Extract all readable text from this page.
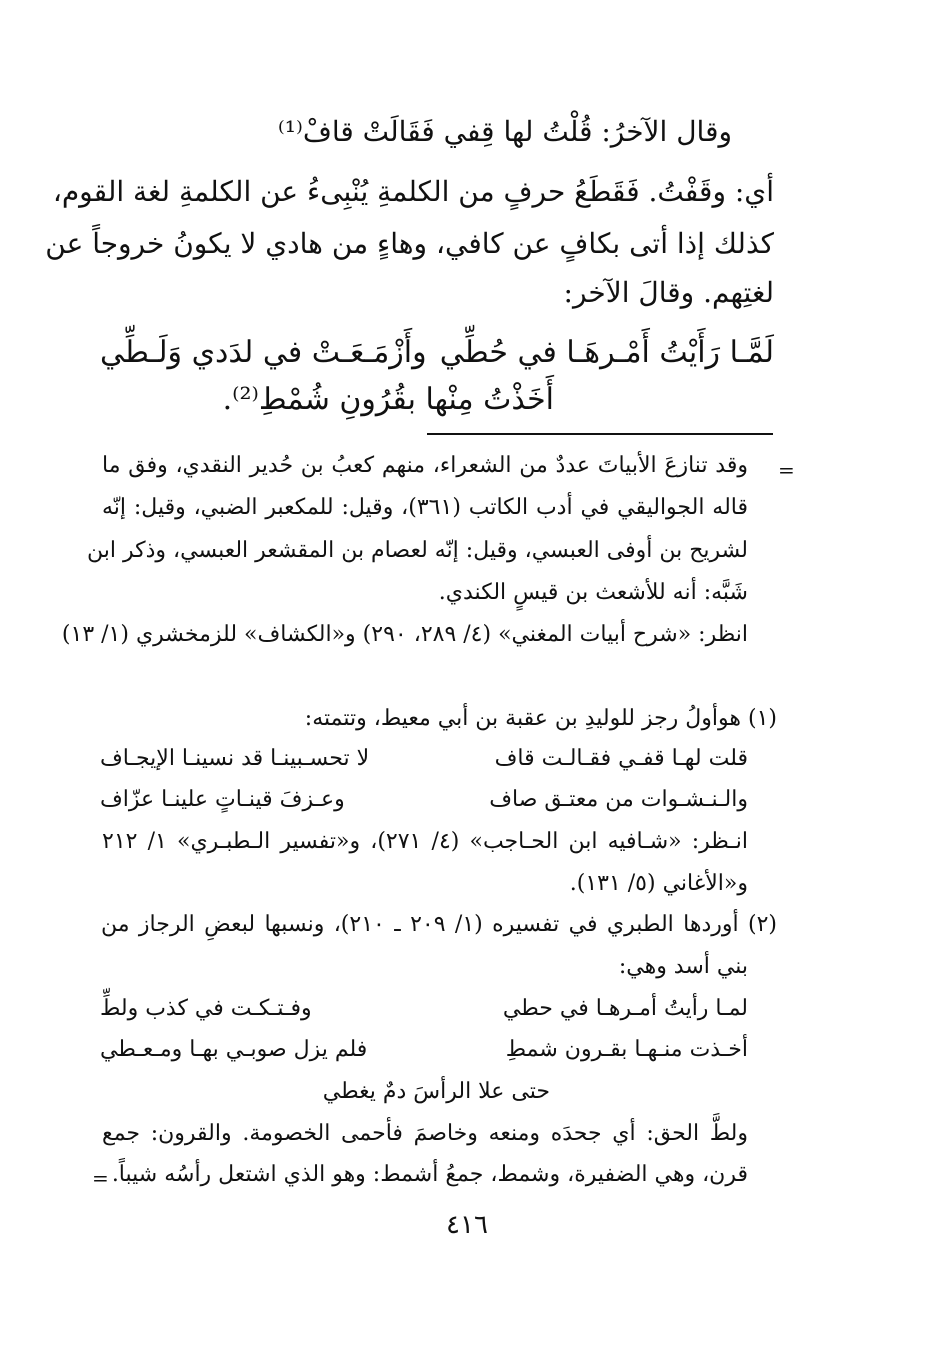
وقال الآخرُ: قُلْتُ لها قِفي فَقَالَتْ قافْ⁽¹⁾
أي: وقَفْتُ. فَقَطَعُ حرفٍ من الكلمةِ يُنْبِىءُ عن الكلمةِ لغة القوم،
كذلك إذا أتى بكافٍ عن كافي، وهاءٍ من هادي لا يكونُ خروجاً عن
لغتِهم. وقالَ الآخر:
لَمَّـا رَأَيْتُ أَمْـرهَـا في حُطِّي
وأَزْمَـعَـتْ في لدَدي وَلَـطِّي
أَخَذْتُ مِنْها بقُرُونِ شُمْطِ⁽²⁾.
=
وقد تنازعَ الأبياتَ عددٌ من الشعراء، منهم كعبُ بن حُدير النقدي، وفق ما
قاله الجواليقي في أدب الكاتب (٣٦١)، وقيل: للمكعبر الضبي، وقيل: إنّه
لشريح بن أوفى العبسي، وقيل: إنّه لعصام بن المقشعر العبسي، وذكر ابن
شَبَّه: أنه للأشعث بن قيسٍ الكندي.
انظر: «شرح أبيات المغني» (٤/ ٢٨٩، ٢٩٠) و«الكشاف» للزمخشري (١/ ١٣)
(١) هوأولُ رجز للوليدِ بن عقبة بن أبي معيط، وتتمته:
قلت لهـا قفـي فقـالـت قاف
لا تحسـبينـا قد نسينـا الإيجـاف
والـنـشـوات من معتـق صاف
وعـزفَ قينـاتٍ علينـا عزّاف
انـظر: «شـافيه ابن الحـاجب» (٤/ ٢٧١)، و«تفسير الـطبـري» ١/ ٢١٢
و«الأغاني (٥/ ١٣١).
(٢) أوردها الطبري في تفسيره (١/ ٢٠٩ ـ ٢١٠)، ونسبها لبعضِ الرجاز من
بني أسد وهي:
لمـا رأيتُ أمـرهـا في حطي
وفـتـكـت في كذب ولطِّ
أخـذت منـهـا بقـرون شمطِ
فلم يزل صوبـي بهـا ومـعـطي
حتى علا الرأسَ دمٌ يغطي
ولطَّ الحق: أي جحدَه ومنعه وخاصمَ فأحمى الخصومة. والقرون: جمع
قرن، وهي الضفيرة، وشمط، جمعُ أشمط: وهو الذي اشتعل رأسُه شيباً.
=
٤١٦
